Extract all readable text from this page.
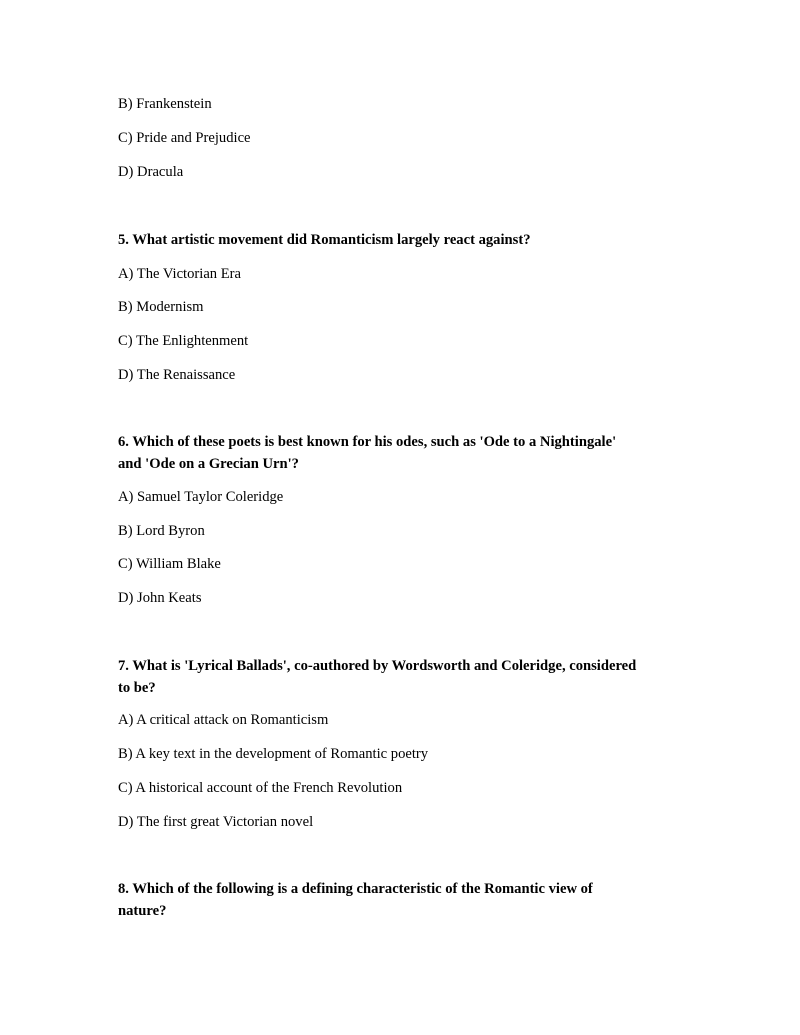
B) Frankenstein
C) Pride and Prejudice
D) Dracula
5. What artistic movement did Romanticism largely react against?
A) The Victorian Era
B) Modernism
C) The Enlightenment
D) The Renaissance
6. Which of these poets is best known for his odes, such as 'Ode to a Nightingale'
and 'Ode on a Grecian Urn'?
A) Samuel Taylor Coleridge
B) Lord Byron
C) William Blake
D) John Keats
7. What is 'Lyrical Ballads', co-authored by Wordsworth and Coleridge, considered
to be?
A) A critical attack on Romanticism
B) A key text in the development of Romantic poetry
C) A historical account of the French Revolution
D) The first great Victorian novel
8. Which of the following is a defining characteristic of the Romantic view of
nature?
